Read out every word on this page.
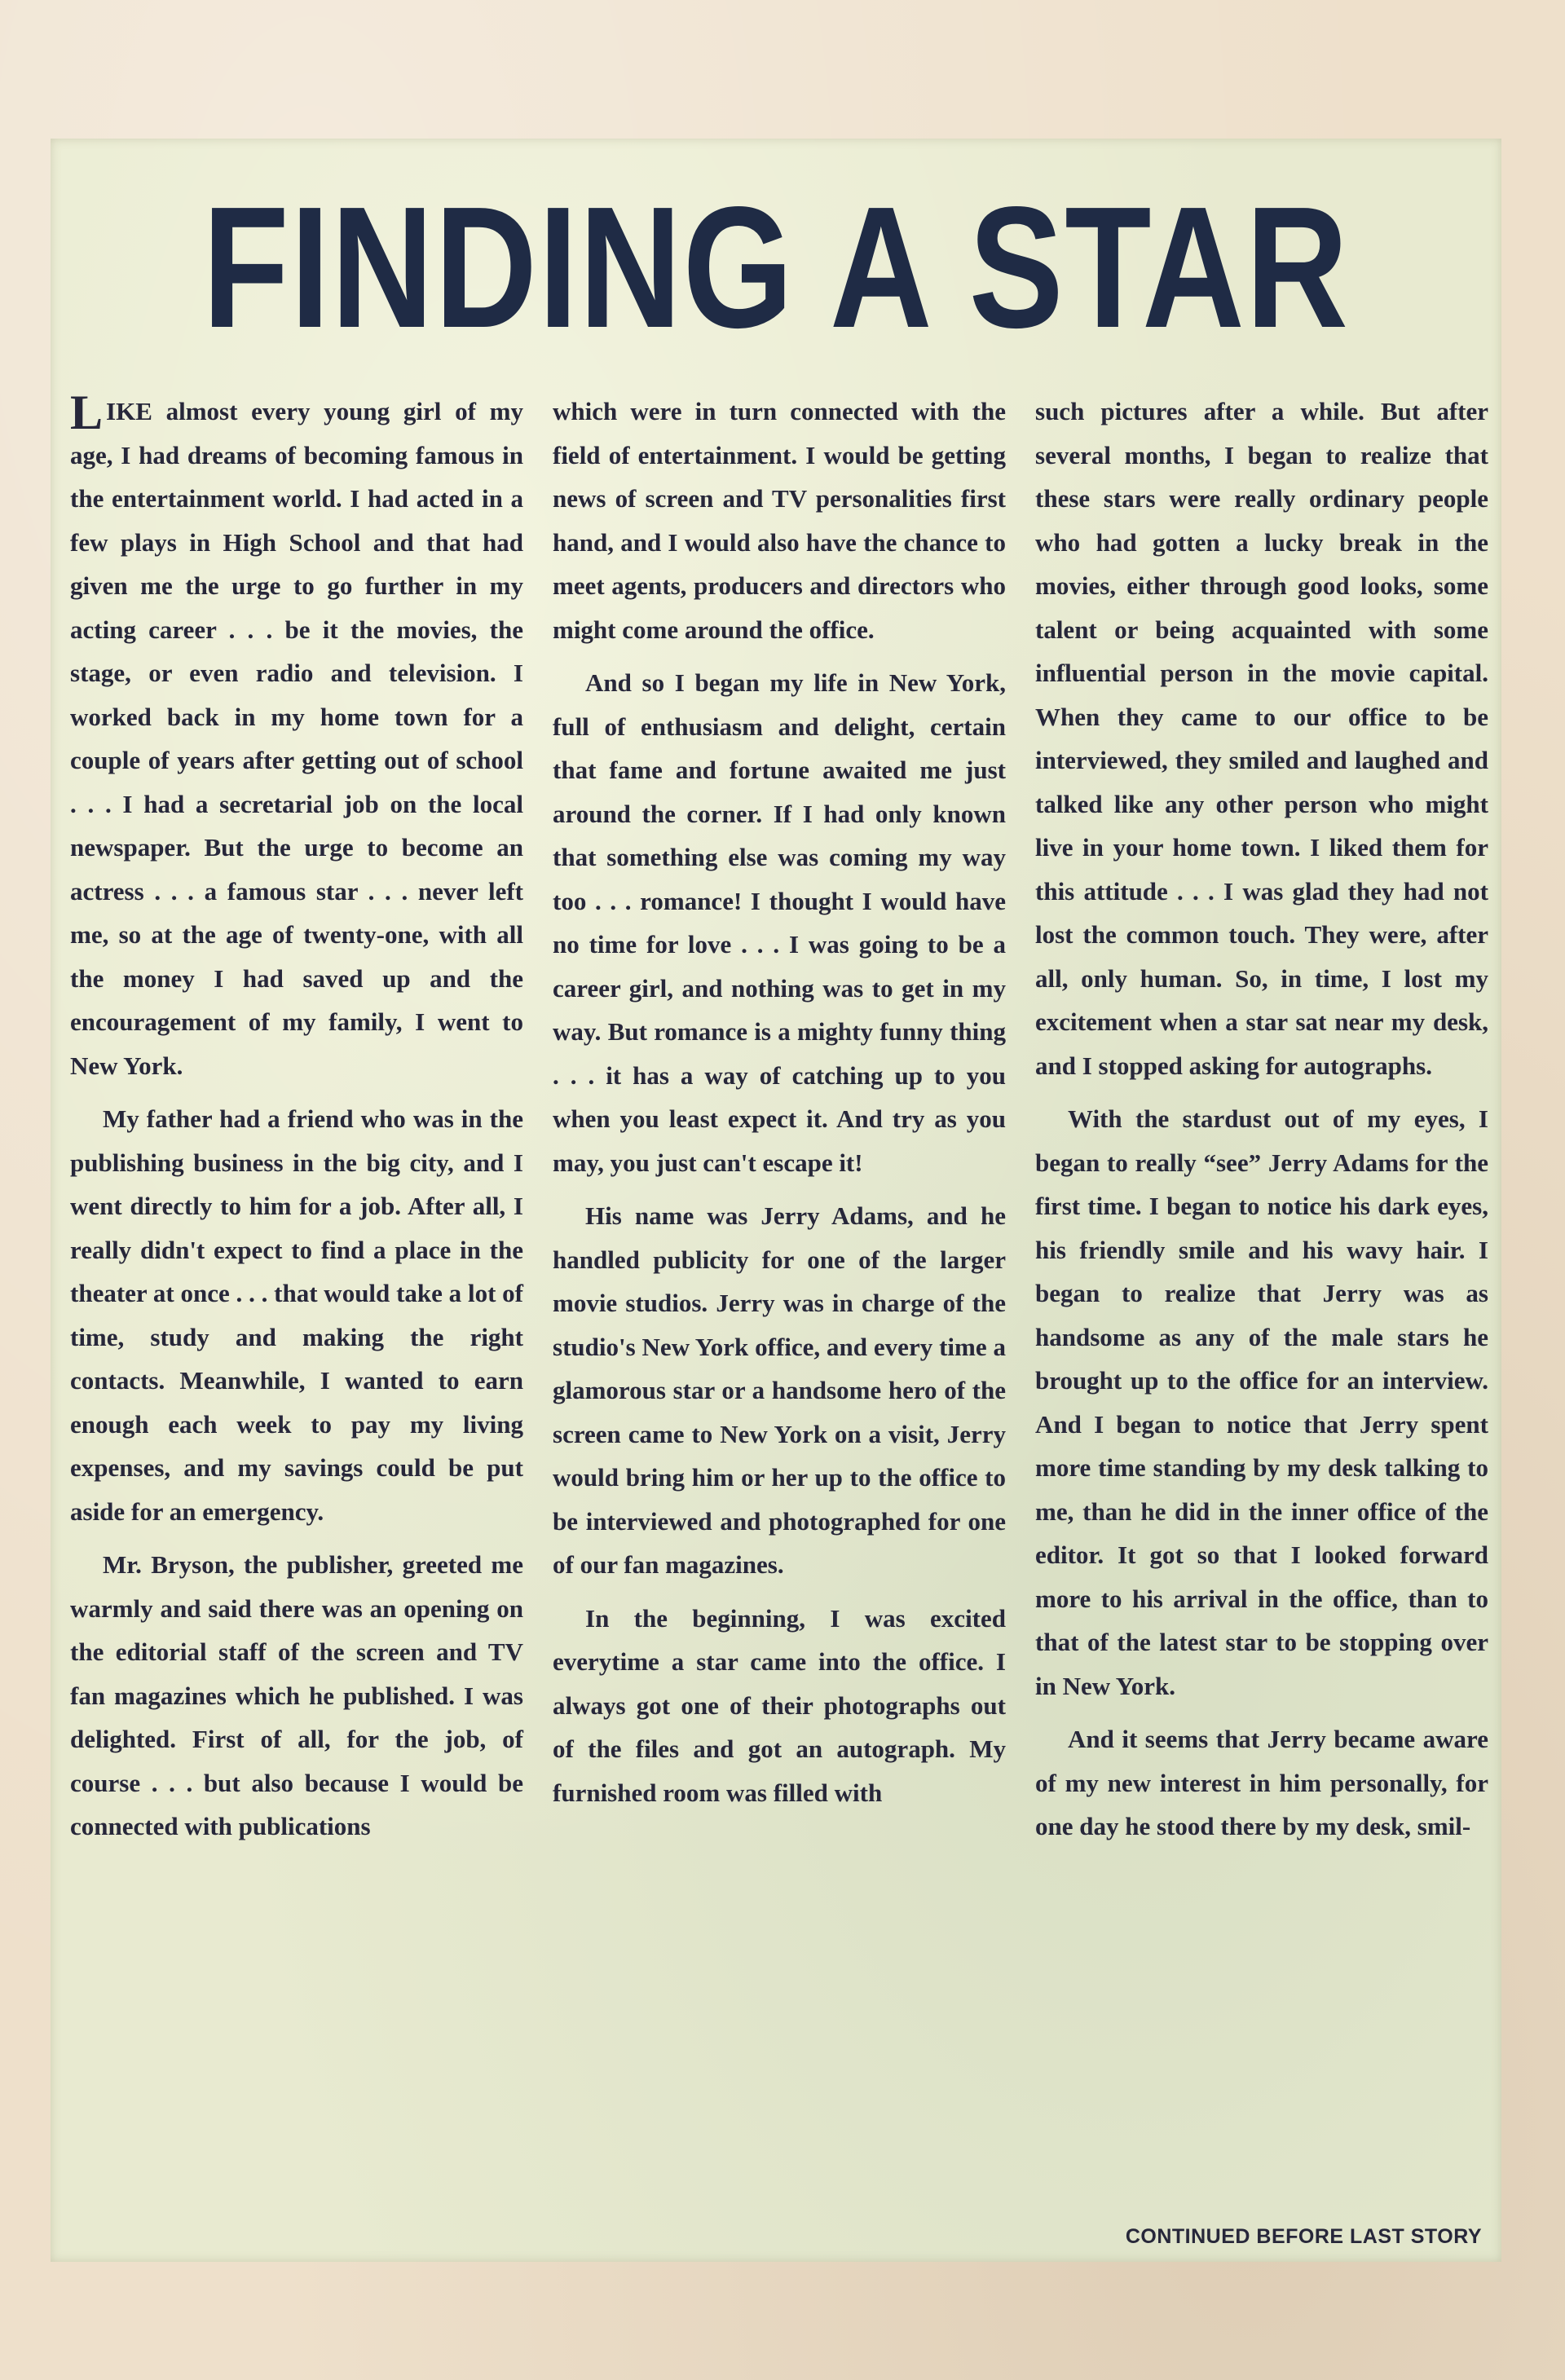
FINDING A STAR

LIKE almost every young girl of my age, I had dreams of becoming famous in the entertainment world. I had acted in a few plays in High School and that had given me the urge to go further in my acting career . . . be it the movies, the stage, or even radio and television. I worked back in my home town for a couple of years after getting out of school . . . I had a secretarial job on the local newspaper. But the urge to become an actress . . . a famous star . . . never left me, so at the age of twenty-one, with all the money I had saved up and the encouragement of my family, I went to New York.

My father had a friend who was in the publishing business in the big city, and I went directly to him for a job. After all, I really didn't expect to find a place in the theater at once . . . that would take a lot of time, study and making the right contacts. Meanwhile, I wanted to earn enough each week to pay my living expenses, and my savings could be put aside for an emergency.

Mr. Bryson, the publisher, greeted me warmly and said there was an opening on the editorial staff of the screen and TV fan magazines which he published. I was delighted. First of all, for the job, of course . . . but also because I would be connected with publications

which were in turn connected with the field of entertainment. I would be getting news of screen and TV personalities first hand, and I would also have the chance to meet agents, producers and directors who might come around the office.

And so I began my life in New York, full of enthusiasm and delight, certain that fame and fortune awaited me just around the corner. If I had only known that something else was coming my way too . . . romance! I thought I would have no time for love . . . I was going to be a career girl, and nothing was to get in my way. But romance is a mighty funny thing . . . it has a way of catching up to you when you least expect it. And try as you may, you just can't escape it!

His name was Jerry Adams, and he handled publicity for one of the larger movie studios. Jerry was in charge of the studio's New York office, and every time a glamorous star or a handsome hero of the screen came to New York on a visit, Jerry would bring him or her up to the office to be interviewed and photographed for one of our fan magazines.

In the beginning, I was excited everytime a star came into the office. I always got one of their photographs out of the files and got an autograph. My furnished room was filled with

such pictures after a while. But after several months, I began to realize that these stars were really ordinary people who had gotten a lucky break in the movies, either through good looks, some talent or being acquainted with some influential person in the movie capital. When they came to our office to be interviewed, they smiled and laughed and talked like any other person who might live in your home town. I liked them for this attitude . . . I was glad they had not lost the common touch. They were, after all, only human. So, in time, I lost my excitement when a star sat near my desk, and I stopped asking for autographs.

With the stardust out of my eyes, I began to really “see” Jerry Adams for the first time. I began to notice his dark eyes, his friendly smile and his wavy hair. I began to realize that Jerry was as handsome as any of the male stars he brought up to the office for an interview. And I began to notice that Jerry spent more time standing by my desk talking to me, than he did in the inner office of the editor. It got so that I looked forward more to his arrival in the office, than to that of the latest star to be stopping over in New York.

And it seems that Jerry became aware of my new interest in him personally, for one day he stood there by my desk, smil-

CONTINUED BEFORE LAST STORY
